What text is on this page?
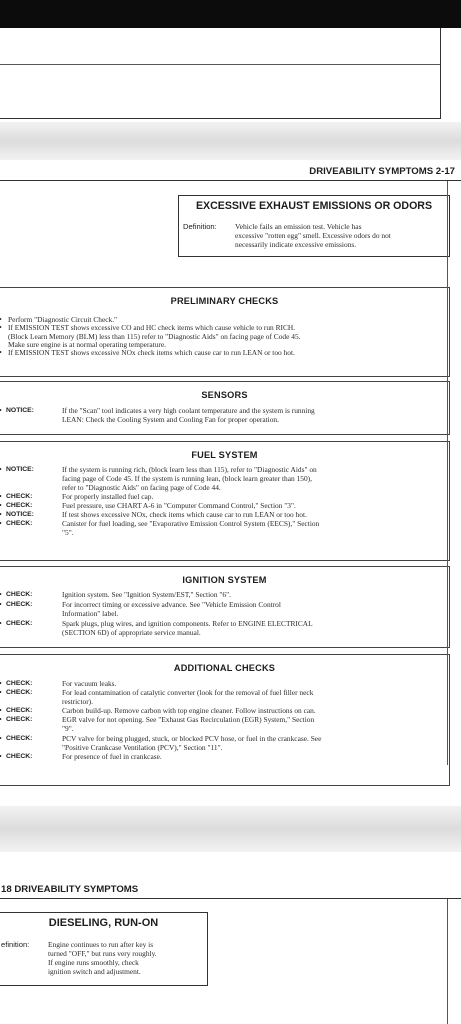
DRIVEABILITY SYMPTOMS 2-17
EXCESSIVE EXHAUST EMISSIONS OR ODORS
Definition: Vehicle fails an emission test. Vehicle has
excessive "rotten egg" smell. Excessive odors do not
necessarily indicate excessive emissions.
PRELIMINARY CHECKS
Perform "Diagnostic Circuit Check."
If EMISSION TEST shows excessive CO and HC check items which cause vehicle to run RICH.
(Block Learn Memory (BLM) less than 115) refer to "Diagnostic Aids" on facing page of Code 45.
Make sure engine is at normal operating temperature.
If EMISSION TEST shows excessive NOx check items which cause car to run LEAN or too hot.
SENSORS
NOTICE:	If the "Scan" tool indicates a very high coolant temperature and the system is running
LEAN: Check the Cooling System and Cooling Fan for proper operation.
FUEL SYSTEM
NOTICE:	If the system is running rich, (block learn less than 115), refer to "Diagnostic Aids" on
facing page of Code 45. If the system is running lean, (block learn greater than 150),
refer to "Diagnostic Aids" on facing page of Code 44.
CHECK:	For properly installed fuel cap.
CHECK:	Fuel pressure, use CHART A-6 in "Computer Command Control," Section "3".
NOTICE:	If test shows excessive NOx, check items which cause car to run LEAN or too hot.
CHECK:	Canister for fuel loading, see "Evaporative Emission Control System (EECS)," Section
"5".
IGNITION SYSTEM
CHECK:	Ignition system. See "Ignition System/EST," Section "6".
CHECK:	For incorrect timing or excessive advance. See "Vehicle Emission Control
Information" label.
CHECK:	Spark plugs, plug wires, and ignition components. Refer to ENGINE ELECTRICAL
(SECTION 6D) of appropriate service manual.
ADDITIONAL CHECKS
CHECK:	For vacuum leaks.
CHECK:	For lead contamination of catalytic converter (look for the removal of fuel filler neck
restrictor).
CHECK:	Carbon build-up. Remove carbon with top engine cleaner. Follow instructions on can.
CHECK:	EGR valve for not opening. See "Exhaust Gas Recirculation (EGR) System," Section
"9".
CHECK:	PCV valve for being plugged, stuck, or blocked PCV hose, or fuel in the crankcase. See
"Positive Crankcase Ventilation (PCV)," Section "11".
CHECK:	For presence of fuel in crankcase.
18 DRIVEABILITY SYMPTOMS
DIESELING, RUN-ON
efinition:	Engine continues to run after key is
turned "OFF," but runs very roughly.
If engine runs smoothly, check
ignition switch and adjustment.
